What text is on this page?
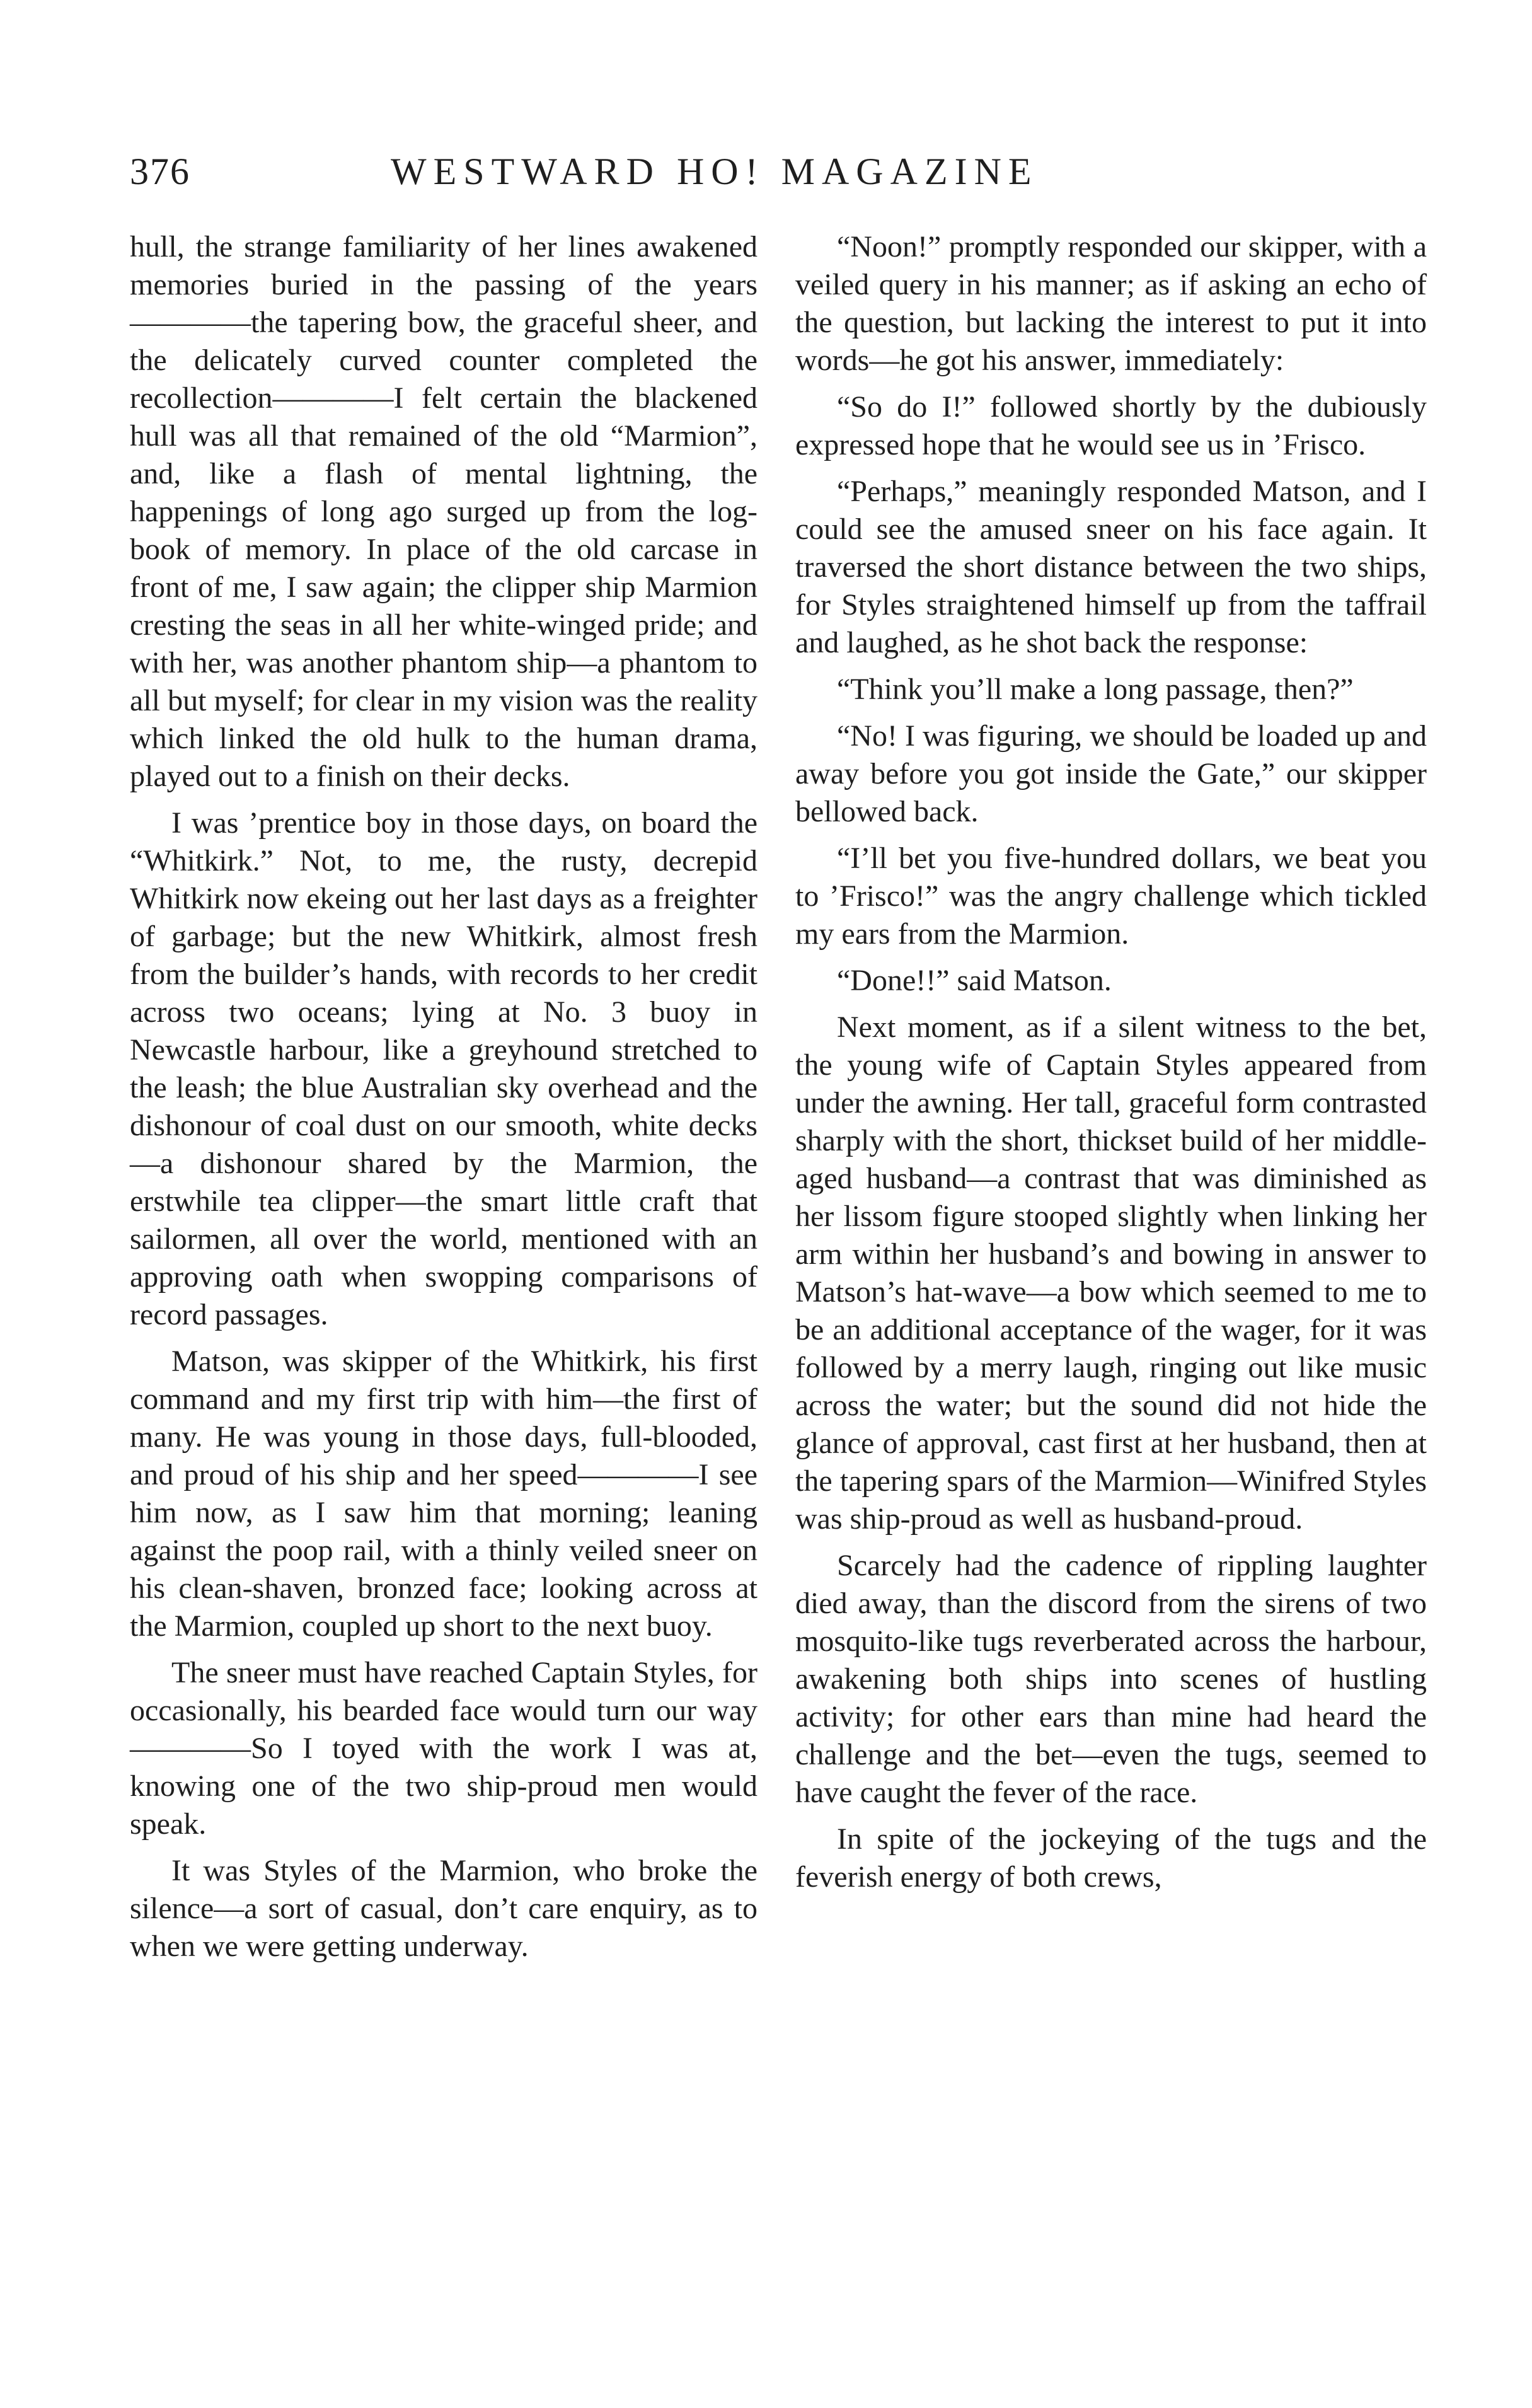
376	WESTWARD HO! MAGAZINE

hull, the strange familiarity of her lines awakened memories buried in the passing of the years————the tapering bow, the graceful sheer, and the delicately curved counter completed the recollection————I felt certain the blackened hull was all that remained of the old “Marmion”, and, like a flash of mental lightning, the happenings of long ago surged up from the log-book of memory. In place of the old carcase in front of me, I saw again; the clipper ship Marmion cresting the seas in all her white-winged pride; and with her, was another phantom ship—a phantom to all but myself; for clear in my vision was the reality which linked the old hulk to the human drama, played out to a finish on their decks.

I was ’prentice boy in those days, on board the “Whitkirk.” Not, to me, the rusty, decrepid Whitkirk now ekeing out her last days as a freighter of garbage; but the new Whitkirk, almost fresh from the builder’s hands, with records to her credit across two oceans; lying at No. 3 buoy in Newcastle harbour, like a greyhound stretched to the leash; the blue Australian sky overhead and the dishonour of coal dust on our smooth, white decks—a dishonour shared by the Marmion, the erstwhile tea clipper—the smart little craft that sailormen, all over the world, mentioned with an approving oath when swopping comparisons of record passages.

Matson, was skipper of the Whitkirk, his first command and my first trip with him—the first of many. He was young in those days, full-blooded, and proud of his ship and her speed————I see him now, as I saw him that morning; leaning against the poop rail, with a thinly veiled sneer on his clean-shaven, bronzed face; looking across at the Marmion, coupled up short to the next buoy.

The sneer must have reached Captain Styles, for occasionally, his bearded face would turn our way————So I toyed with the work I was at, knowing one of the two ship-proud men would speak.

It was Styles of the Marmion, who broke the silence—a sort of casual, don’t care enquiry, as to when we were getting underway.

“Noon!” promptly responded our skipper, with a veiled query in his manner; as if asking an echo of the question, but lacking the interest to put it into words—he got his answer, immediately:

“So do I!” followed shortly by the dubiously expressed hope that he would see us in ’Frisco.

“Perhaps,” meaningly responded Matson, and I could see the amused sneer on his face again. It traversed the short distance between the two ships, for Styles straightened himself up from the taffrail and laughed, as he shot back the response:

“Think you’ll make a long passage, then?”

“No! I was figuring, we should be loaded up and away before you got inside the Gate,” our skipper bellowed back.

“I’ll bet you five-hundred dollars, we beat you to ’Frisco!” was the angry challenge which tickled my ears from the Marmion.

“Done!!” said Matson.

Next moment, as if a silent witness to the bet, the young wife of Captain Styles appeared from under the awning. Her tall, graceful form contrasted sharply with the short, thickset build of her middle-aged husband—a contrast that was diminished as her lissom figure stooped slightly when linking her arm within her husband’s and bowing in answer to Matson’s hat-wave—a bow which seemed to me to be an additional acceptance of the wager, for it was followed by a merry laugh, ringing out like music across the water; but the sound did not hide the glance of approval, cast first at her husband, then at the tapering spars of the Marmion—Winifred Styles was ship-proud as well as husband-proud.

Scarcely had the cadence of rippling laughter died away, than the discord from the sirens of two mosquito-like tugs reverberated across the harbour, awakening both ships into scenes of hustling activity; for other ears than mine had heard the challenge and the bet—even the tugs, seemed to have caught the fever of the race.

In spite of the jockeying of the tugs and the feverish energy of both crews,
